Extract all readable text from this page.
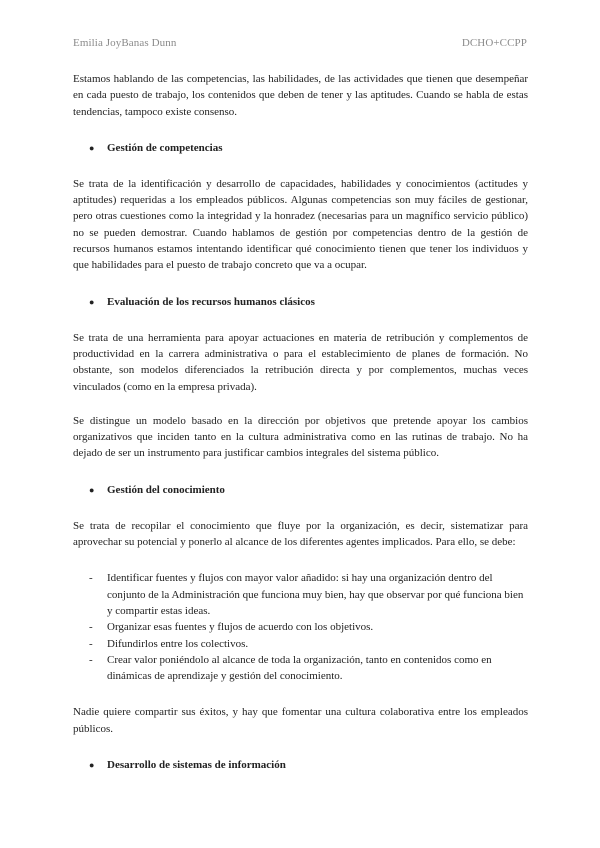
Emilia JoyBanas Dunn	DCHO+CCPP

Estamos hablando de las competencias, las habilidades, de las actividades que tienen que desempeñar en cada puesto de trabajo, los contenidos que deben de tener y las aptitudes. Cuando se habla de estas tendencias, tampoco existe consenso.

●	Gestión de competencias

Se trata de la identificación y desarrollo de capacidades, habilidades y conocimientos (actitudes y aptitudes) requeridas a los empleados públicos. Algunas competencias son muy fáciles de gestionar, pero otras cuestiones como la integridad y la honradez (necesarias para un magnífico servicio público) no se pueden demostrar. Cuando hablamos de gestión por competencias dentro de la gestión de recursos humanos estamos intentando identificar qué conocimiento tienen que tener los individuos y que habilidades para el puesto de trabajo concreto que va a ocupar.

●	Evaluación de los recursos humanos clásicos

Se trata de una herramienta para apoyar actuaciones en materia de retribución y complementos de productividad en la carrera administrativa o para el establecimiento de planes de formación. No obstante, son modelos diferenciados la retribución directa y por complementos, muchas veces vinculados (como en la empresa privada).

Se distingue un modelo basado en la dirección por objetivos que pretende apoyar los cambios organizativos que inciden tanto en la cultura administrativa como en las rutinas de trabajo. No ha dejado de ser un instrumento para justificar cambios integrales del sistema público.

●	Gestión del conocimiento

Se trata de recopilar el conocimiento que fluye por la organización, es decir, sistematizar para aprovechar su potencial y ponerlo al alcance de los diferentes agentes implicados. Para ello, se debe:

-	Identificar fuentes y flujos con mayor valor añadido: si hay una organización dentro del conjunto de la Administración que funciona muy bien, hay que observar por qué funciona bien y compartir estas ideas.
-	Organizar esas fuentes y flujos de acuerdo con los objetivos.
-	Difundirlos entre los colectivos.
-	Crear valor poniéndolo al alcance de toda la organización, tanto en contenidos como en dinámicas de aprendizaje y gestión del conocimiento.

Nadie quiere compartir sus éxitos, y hay que fomentar una cultura colaborativa entre los empleados públicos.

●	Desarrollo de sistemas de información
